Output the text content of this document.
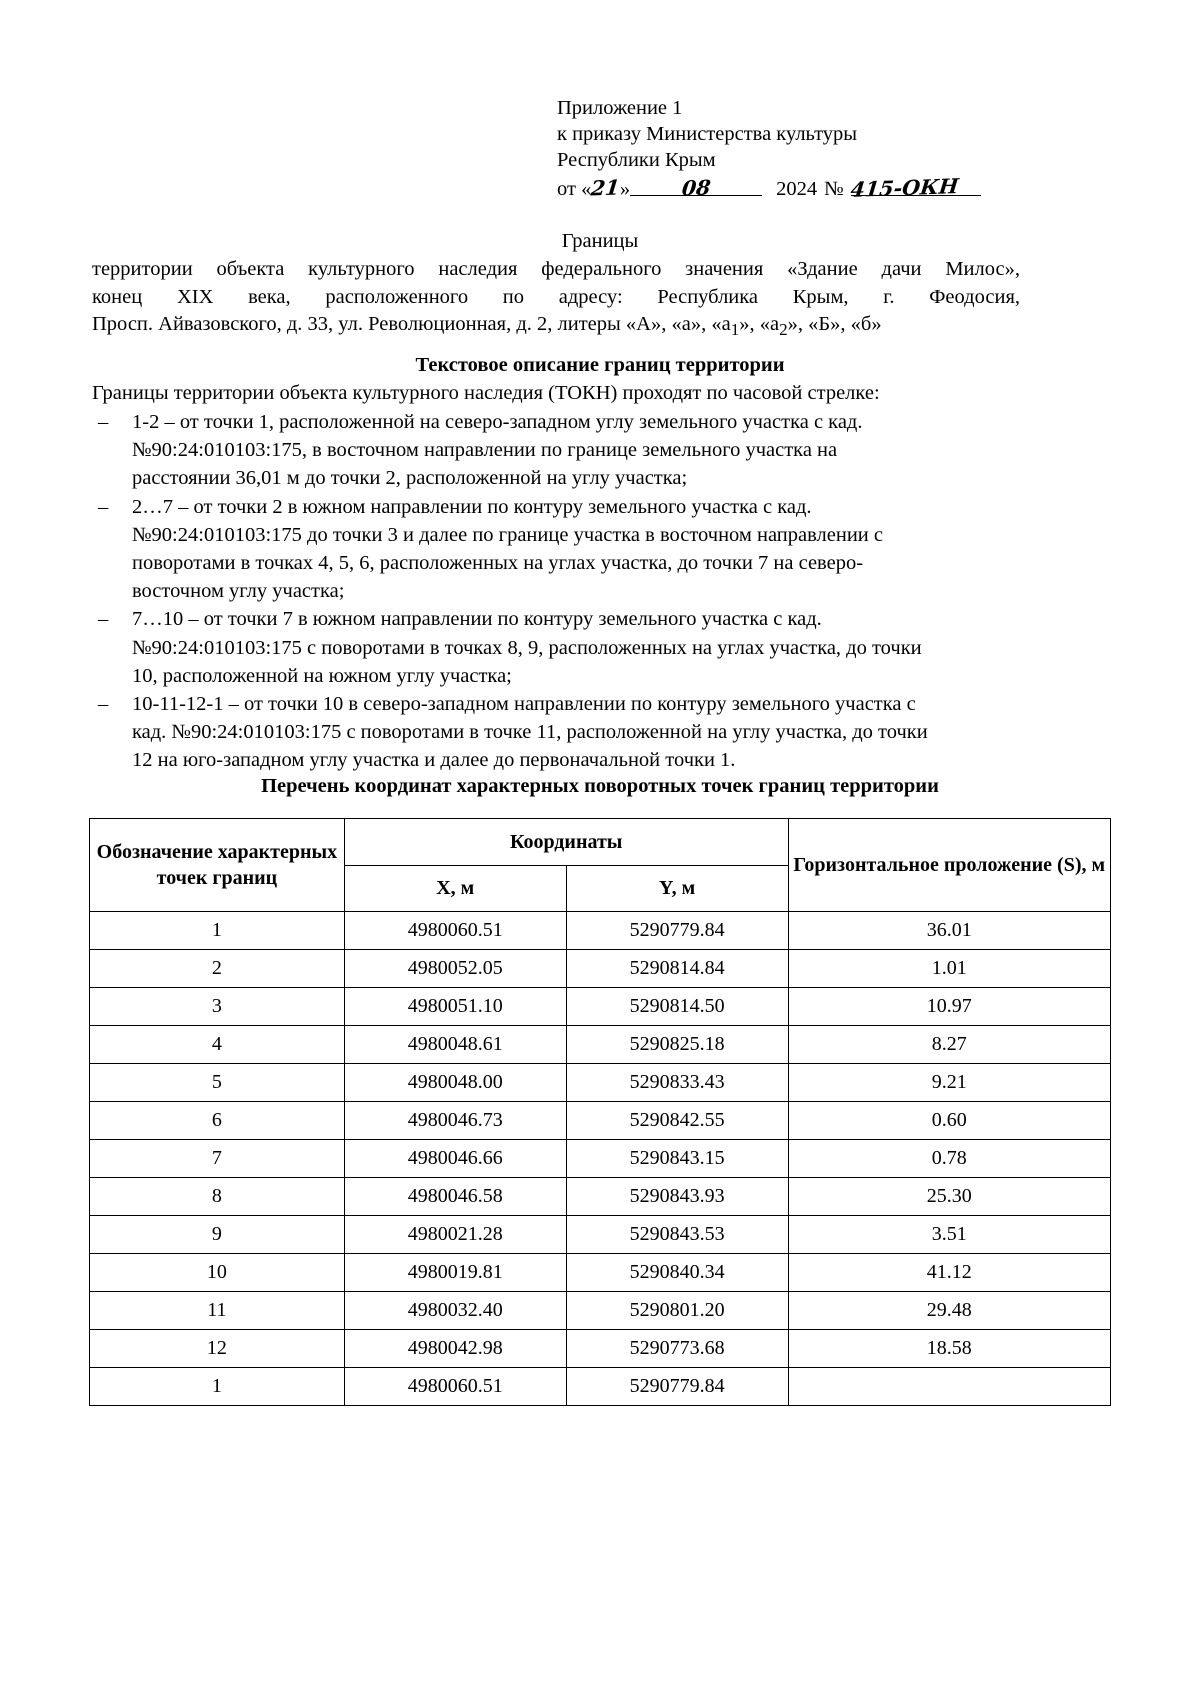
Приложение 1
к приказу Министерства культуры
Республики Крым
от «
21
»	08	2024 № 415-ОКН
Границы
территории объекта культурного наследия федерального значения «Здание дачи Милос»,
конец XIX века, расположенного по адресу: Республика Крым, г. Феодосия,
Просп. Айвазовского, д. 33, ул. Революционная, д. 2, литеры «А», «а», «$а_1$», «$а_2$», «Б», «б»
Текстовое описание границ территории
Границы территории объекта культурного наследия (ТОКН) проходят по часовой стрелке:
–	1-2 – от точки 1, расположенной на северо-западном углу земельного участка с кад.
№90:24:010103:175, в восточном направлении по границе земельного участка на
расстоянии 36,01 м до точки 2, расположенной на углу участка;
–	2…7 – от точки 2 в южном направлении по контуру земельного участка с кад.
№90:24:010103:175 до точки 3 и далее по границе участка в восточном направлении с
поворотами в точках 4, 5, 6, расположенных на углах участка, до точки 7 на северо-
восточном углу участка;
–	7…10 – от точки 7 в южном направлении по контуру земельного участка с кад.
№90:24:010103:175 с поворотами в точках 8, 9, расположенных на углах участка, до точки
10, расположенной на южном углу участка;
–	10-11-12-1 – от точки 10 в северо-западном направлении по контуру земельного участка с
кад. №90:24:010103:175 с поворотами в точке 11, расположенной на углу участка, до точки
12 на юго-западном углу участка и далее до первоначальной точки 1.
Перечень координат характерных поворотных точек границ территории
Обозначение характерных точек границ	Координаты		Горизонтальное проложение (S), м
	X, м	Y, м	
1	4980060.51	5290779.84	36.01
2	4980052.05	5290814.84	1.01
3	4980051.10	5290814.50	10.97
4	4980048.61	5290825.18	8.27
5	4980048.00	5290833.43	9.21
6	4980046.73	5290842.55	0.60
7	4980046.66	5290843.15	0.78
8	4980046.58	5290843.93	25.30
9	4980021.28	5290843.53	3.51
10	4980019.81	5290840.34	41.12
11	4980032.40	5290801.20	29.48
12	4980042.98	5290773.68	18.58
1	4980060.51	5290779.84	
